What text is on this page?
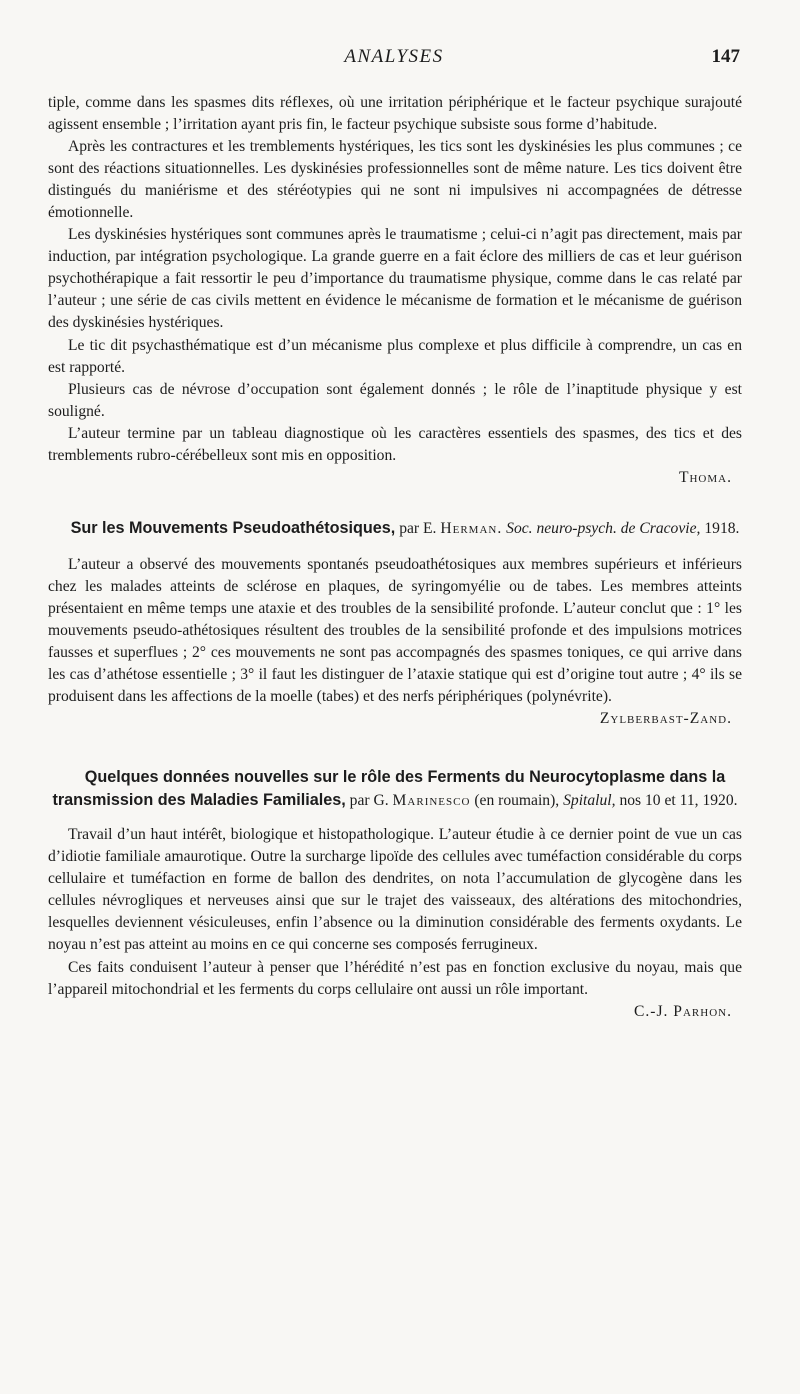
ANALYSES	147

tiple, comme dans les spasmes dits réflexes, où une irritation périphérique et le facteur psychique surajouté agissent ensemble ; l’irritation ayant pris fin, le facteur psychique subsiste sous forme d’habitude.

Après les contractures et les tremblements hystériques, les tics sont les dyskinésies les plus communes ; ce sont des réactions situationnelles. Les dyskinésies professionnelles sont de même nature. Les tics doivent être distingués du maniérisme et des stéréotypies qui ne sont ni impulsives ni accompagnées de détresse émotionnelle.

Les dyskinésies hystériques sont communes après le traumatisme ; celui-ci n’agit pas directement, mais par induction, par intégration psychologique. La grande guerre en a fait éclore des milliers de cas et leur guérison psychothérapique a fait ressortir le peu d’importance du traumatisme physique, comme dans le cas relaté par l’auteur ; une série de cas civils mettent en évidence le mécanisme de formation et le mécanisme de guérison des dyskinésies hystériques.

Le tic dit psychasthématique est d’un mécanisme plus complexe et plus difficile à comprendre, un cas en est rapporté.

Plusieurs cas de névrose d’occupation sont également donnés ; le rôle de l’inaptitude physique y est souligné.

L’auteur termine par un tableau diagnostique où les caractères essentiels des spasmes, des tics et des tremblements rubro-cérébelleux sont mis en opposition.

Thoma.

Sur les Mouvements Pseudoathétosiques, par E. Herman. Soc. neuro-psych. de Cracovie, 1918.

L’auteur a observé des mouvements spontanés pseudoathétosiques aux membres supérieurs et inférieurs chez les malades atteints de sclérose en plaques, de syringomyélie ou de tabes. Les membres atteints présentaient en même temps une ataxie et des troubles de la sensibilité profonde. L’auteur conclut que : 1° les mouvements pseudo-athétosiques résultent des troubles de la sensibilité profonde et des impulsions motrices fausses et superflues ; 2° ces mouvements ne sont pas accompagnés des spasmes toniques, ce qui arrive dans les cas d’athétose essentielle ; 3° il faut les distinguer de l’ataxie statique qui est d’origine tout autre ; 4° ils se produisent dans les affections de la moelle (tabes) et des nerfs périphériques (polynévrite).

Zylberbast-Zand.

Quelques données nouvelles sur le rôle des Ferments du Neurocytoplasme dans la transmission des Maladies Familiales, par G. Marinesco (en roumain), Spitalul, nos 10 et 11, 1920.

Travail d’un haut intérêt, biologique et histopathologique. L’auteur étudie à ce dernier point de vue un cas d’idiotie familiale amaurotique. Outre la surcharge lipoïde des cellules avec tuméfaction considérable du corps cellulaire et tuméfaction en forme de ballon des dendrites, on nota l’accumulation de glycogène dans les cellules névrogliques et nerveuses ainsi que sur le trajet des vaisseaux, des altérations des mitochondries, lesquelles deviennent vésiculeuses, enfin l’absence ou la diminution considérable des ferments oxydants. Le noyau n’est pas atteint au moins en ce qui concerne ses composés ferrugineux.

Ces faits conduisent l’auteur à penser que l’hérédité n’est pas en fonction exclusive du noyau, mais que l’appareil mitochondrial et les ferments du corps cellulaire ont aussi un rôle important.

C.-J. Parhon.
